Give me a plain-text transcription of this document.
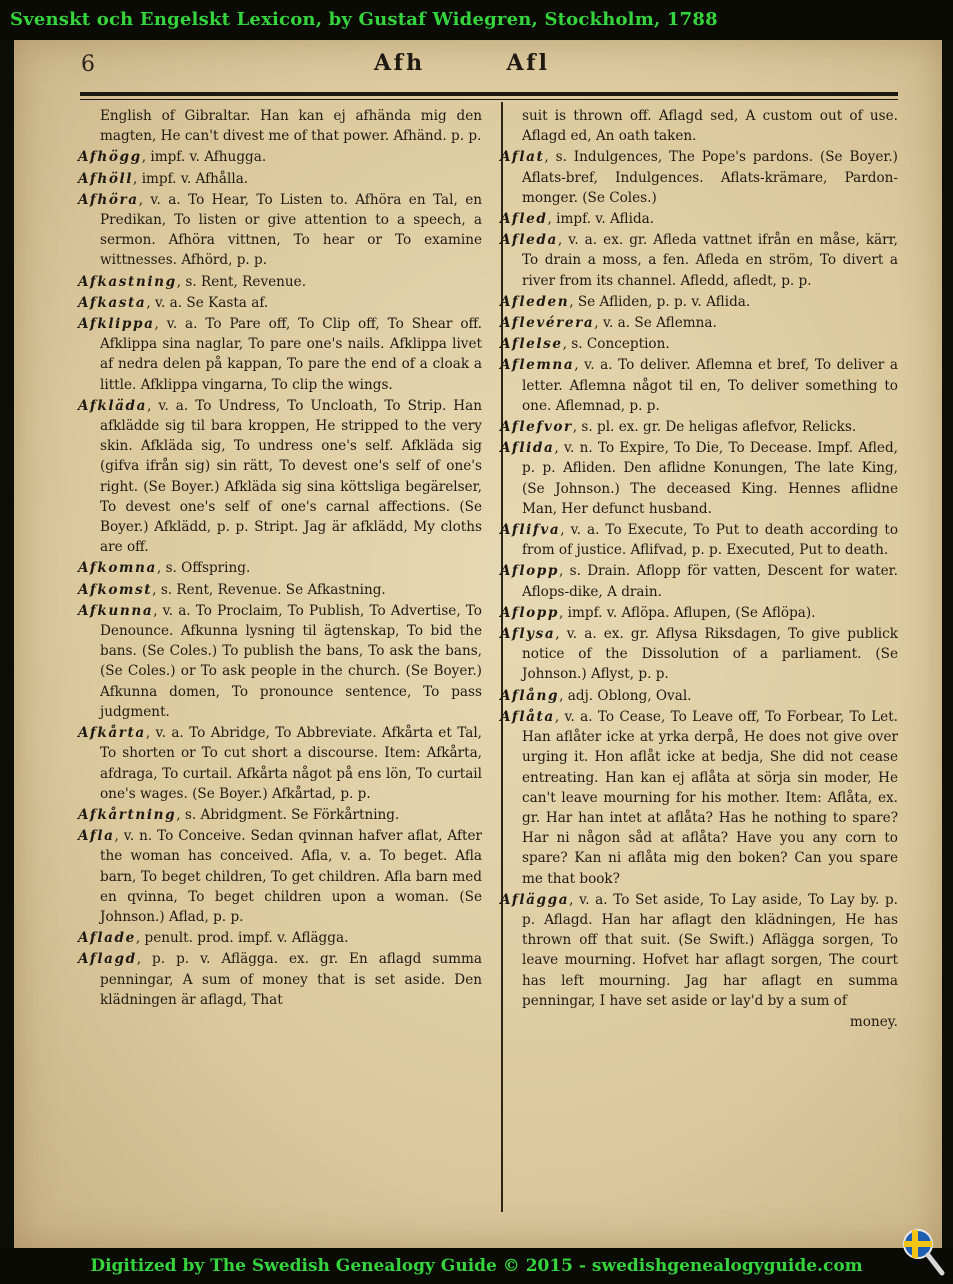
Svenskt och Engelskt Lexicon, by Gustaf Widegren, Stockholm, 1788
6	Afh	Afl

English of Gibraltar. Han kan ej afhända mig den magten, He can't divest me of that power. Afhänd. p. p.

Afhögg, impf. v. Afhugga.

Afhöll, impf. v. Afhålla.

Afhöra, v. a. To Hear, To Listen to. Afhöra en Tal, en Predikan, To listen or give attention to a speech, a sermon. Afhöra vittnen, To hear or To examine wittnesses. Afhörd, p. p.

Afkastning, s. Rent, Revenue.

Afkasta, v. a. Se Kasta af.

Afklippa, v. a. To Pare off, To Clip off, To Shear off. Afklippa sina naglar, To pare one's nails. Afklippa livet af nedra delen på kappan, To pare the end of a cloak a little. Afklippa vingarna, To clip the wings.

Afkläda, v. a. To Undress, To Uncloath, To Strip. Han afklädde sig til bara kroppen, He stripped to the very skin. Afkläda sig, To undress one's self. Afkläda sig (gifva ifrån sig) sin rätt, To devest one's self of one's right. (Se Boyer.) Afkläda sig sina köttsliga begärelser, To devest one's self of one's carnal affections. (Se Boyer.) Afklädd, p. p. Stript. Jag är afklädd, My cloths are off.

Afkomna, s. Offspring.

Afkomst, s. Rent, Revenue. Se Afkastning.

Afkunna, v. a. To Proclaim, To Publish, To Advertise, To Denounce. Afkunna lysning til ägtenskap, To bid the bans. (Se Coles.) To publish the bans, To ask the bans, (Se Coles.) or To ask people in the church. (Se Boyer.) Afkunna domen, To pronounce sentence, To pass judgment.

Afkårta, v. a. To Abridge, To Abbreviate. Afkårta et Tal, To shorten or To cut short a discourse. Item: Afkårta, afdraga, To curtail. Afkårta något på ens lön, To curtail one's wages. (Se Boyer.) Afkårtad, p. p.

Afkårtning, s. Abridgment. Se Förkårtning.

Afla, v. n. To Conceive. Sedan qvinnan hafver aflat, After the woman has conceived. Afla, v. a. To beget. Afla barn, To beget children, To get children. Afla barn med en qvinna, To beget children upon a woman. (Se Johnson.) Aflad, p. p.

Aflade, penult. prod. impf. v. Aflägga.

Aflagd, p. p. v. Aflägga. ex. gr. En aflagd summa penningar, A sum of money that is set aside. Den klädningen är aflagd, That

suit is thrown off. Aflagd sed, A custom out of use. Aflagd ed, An oath taken.

Aflat, s. Indulgences, The Pope's pardons. (Se Boyer.) Aflats-bref, Indulgences. Aflats-krämare, Pardon-monger. (Se Coles.)

Afled, impf. v. Aflida.

Afleda, v. a. ex. gr. Afleda vattnet ifrån en måse, kärr, To drain a moss, a fen. Afleda en ström, To divert a river from its channel. Afledd, afledt, p. p.

Afleden, Se Afliden, p. p. v. Aflida.

Aflevérera, v. a. Se Aflemna.

Aflelse, s. Conception.

Aflemna, v. a. To deliver. Aflemna et bref, To deliver a letter. Aflemna något til en, To deliver something to one. Aflemnad, p. p.

Aflefvor, s. pl. ex. gr. De heligas aflefvor, Relicks.

Aflida, v. n. To Expire, To Die, To Decease. Impf. Afled, p. p. Afliden. Den aflidne Konungen, The late King, (Se Johnson.) The deceased King. Hennes aflidne Man, Her defunct husband.

Aflifva, v. a. To Execute, To Put to death according to from of justice. Aflifvad, p. p. Executed, Put to death.

Aflopp, s. Drain. Aflopp för vatten, Descent for water. Aflops-dike, A drain.

Aflopp, impf. v. Aflöpa. Aflupen, (Se Aflöpa).

Aflysa, v. a. ex. gr. Aflysa Riksdagen, To give publick notice of the Dissolution of a parliament. (Se Johnson.) Aflyst, p. p.

Aflång, adj. Oblong, Oval.

Aflåta, v. a. To Cease, To Leave off, To Forbear, To Let. Han aflåter icke at yrka derpå, He does not give over urging it. Hon aflåt icke at bedja, She did not cease entreating. Han kan ej aflåta at sörja sin moder, He can't leave mourning for his mother. Item: Aflåta, ex. gr. Har han intet at aflåta? Has he nothing to spare? Har ni någon såd at aflåta? Have you any corn to spare? Kan ni aflåta mig den boken? Can you spare me that book?

Aflägga, v. a. To Set aside, To Lay aside, To Lay by. p. p. Aflagd. Han har aflagt den klädningen, He has thrown off that suit. (Se Swift.) Aflägga sorgen, To leave mourning. Hofvet har aflagt sorgen, The court has left mourning. Jag har aflagt en summa penningar, I have set aside or lay'd by a sum of

money.

Digitized by The Swedish Genealogy Guide © 2015 - swedishgenealogyguide.com
